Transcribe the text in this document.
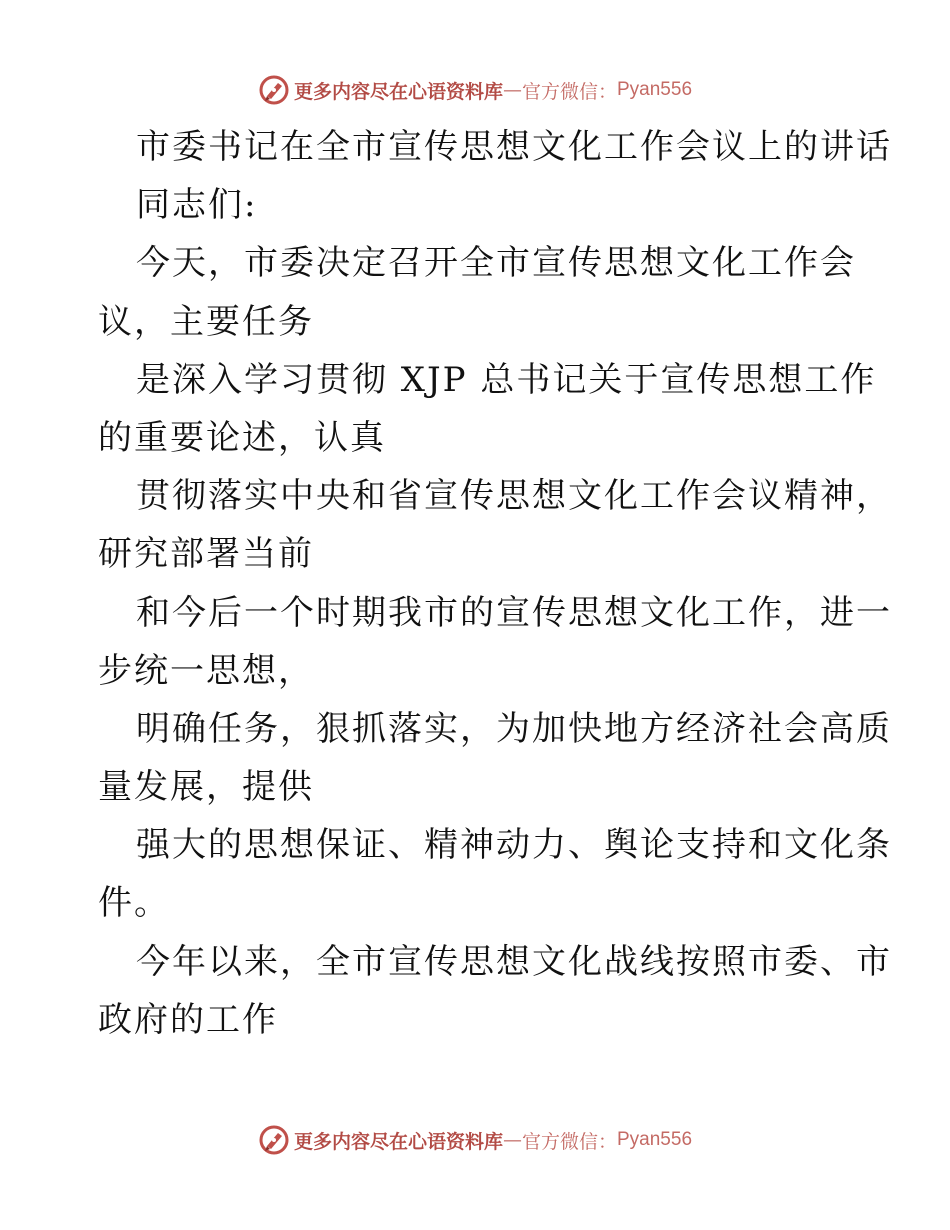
更多内容尽在心语资料库 — 官方微信： Pyan556
市委书记在全市宣传思想文化工作会议上的讲话
同志们:
今天，市委决定召开全市宣传思想文化工作会
议，主要任务
是深入学习贯彻 XJP 总书记关于宣传思想工作
的重要论述，认真
贯彻落实中央和省宣传思想文化工作会议精神，
研究部署当前
和今后一个时期我市的宣传思想文化工作，进一
步统一思想，
明确任务，狠抓落实，为加快地方经济社会高质
量发展，提供
强大的思想保证、精神动力、舆论支持和文化条
件。
今年以来，全市宣传思想文化战线按照市委、市
政府的工作
更多内容尽在心语资料库 — 官方微信： Pyan556
